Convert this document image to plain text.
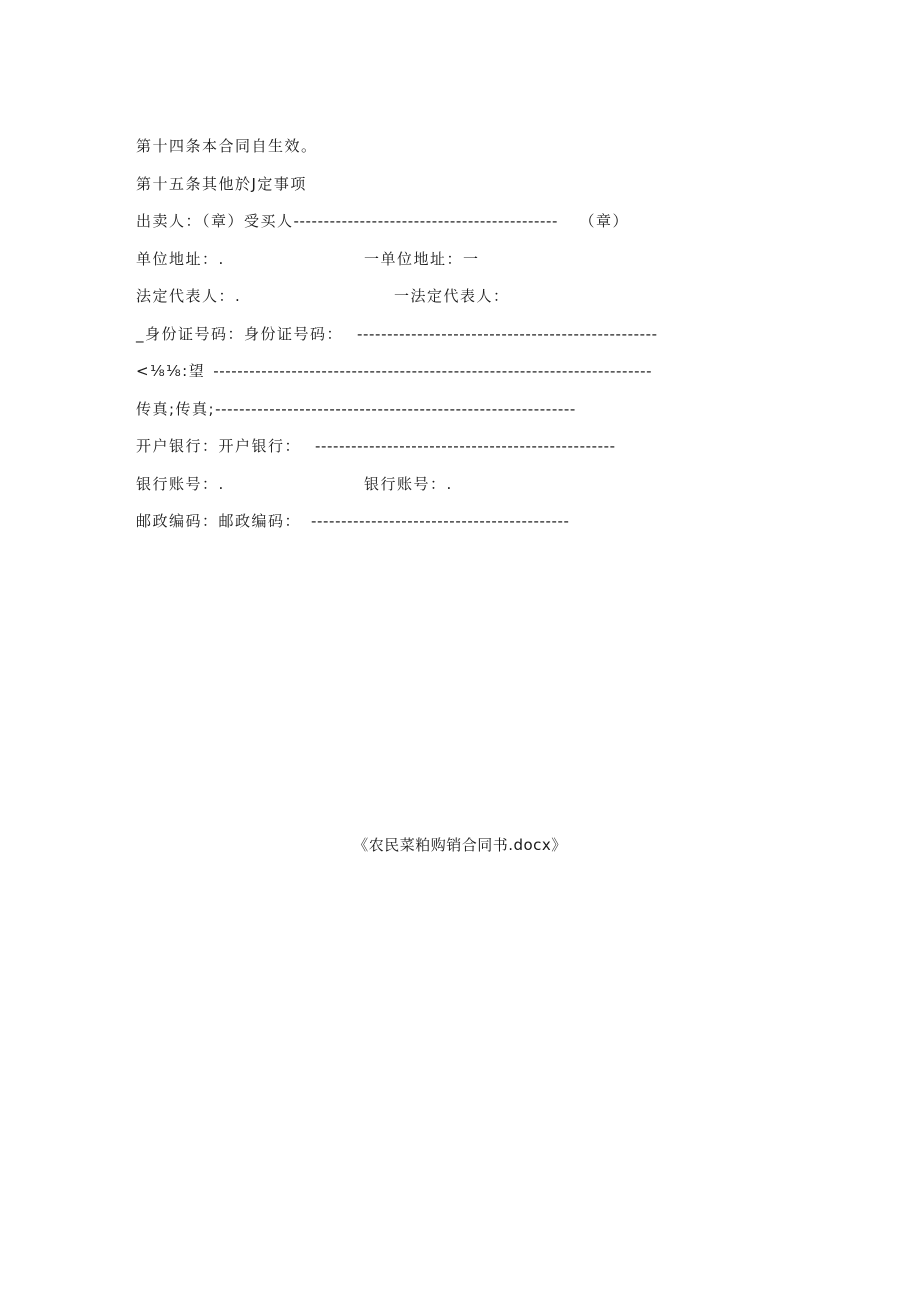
第十四条本合同自生效。
第十五条其他於J定事项
出卖人：（章）受买人-------------------------------------------- （章）
单位地址：.	一单位地址：一
法定代表人：.	一法定代表人：
_身份证号码：身份证号码： --------------------------------------------------
<⅛⅛:望 -------------------------------------------------------------------------
传真;传真;------------------------------------------------------------
开户银行：开户银行： --------------------------------------------------
银行账号：.	银行账号：.
邮政编码：邮政编码： -------------------------------------------
《农民菜粕购销合同书.docx》
